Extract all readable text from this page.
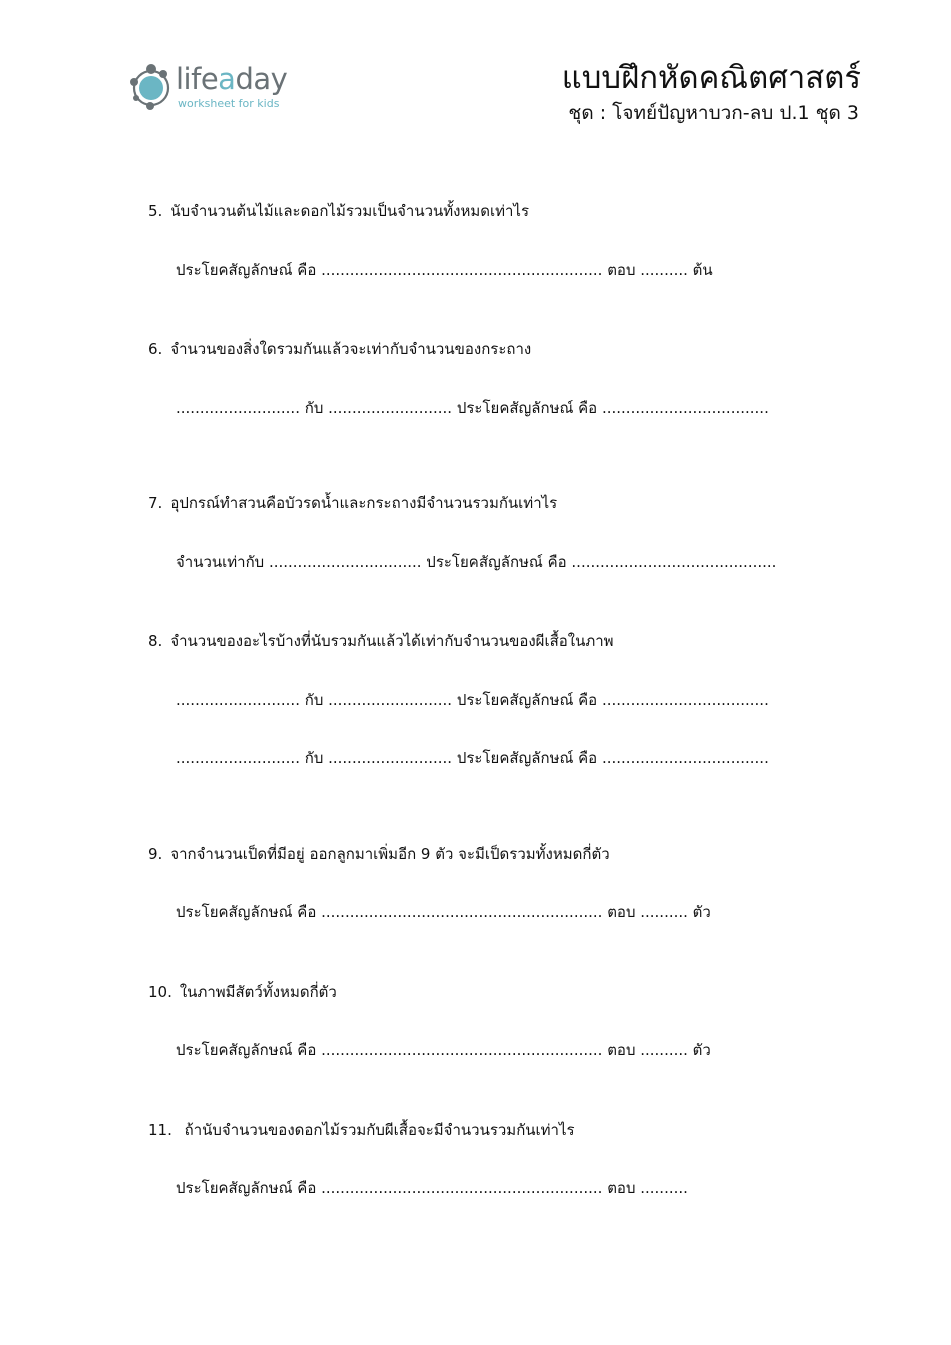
lifeaday
worksheet for kids
แบบฝึกหัดคณิตศาสตร์
ชุด : โจทย์ปัญหาบวก-ลบ ป.1 ชุด 3
5. นับจำนวนต้นไม้และดอกไม้รวมเป็นจำนวนทั้งหมดเท่าไร
ประโยคสัญลักษณ์ คือ ........................................................... ตอบ .......... ต้น
6. จำนวนของสิ่งใดรวมกันแล้วจะเท่ากับจำนวนของกระถาง
.......................... กับ .......................... ประโยคสัญลักษณ์ คือ ...................................
7. อุปกรณ์ทำสวนคือบัวรดน้ำและกระถางมีจำนวนรวมกันเท่าไร
จำนวนเท่ากับ ................................ ประโยคสัญลักษณ์ คือ ...........................................
8. จำนวนของอะไรบ้างที่นับรวมกันแล้วได้เท่ากับจำนวนของผีเสื้อในภาพ
.......................... กับ .......................... ประโยคสัญลักษณ์ คือ ...................................
.......................... กับ .......................... ประโยคสัญลักษณ์ คือ ...................................
9. จากจำนวนเป็ดที่มีอยู่ ออกลูกมาเพิ่มอีก 9 ตัว จะมีเป็ดรวมทั้งหมดกี่ตัว
ประโยคสัญลักษณ์ คือ ........................................................... ตอบ .......... ตัว
10. ในภาพมีสัตว์ทั้งหมดกี่ตัว
ประโยคสัญลักษณ์ คือ ........................................................... ตอบ .......... ตัว
11. ถ้านับจำนวนของดอกไม้รวมกับผีเสื้อจะมีจำนวนรวมกันเท่าไร
ประโยคสัญลักษณ์ คือ ........................................................... ตอบ ..........
